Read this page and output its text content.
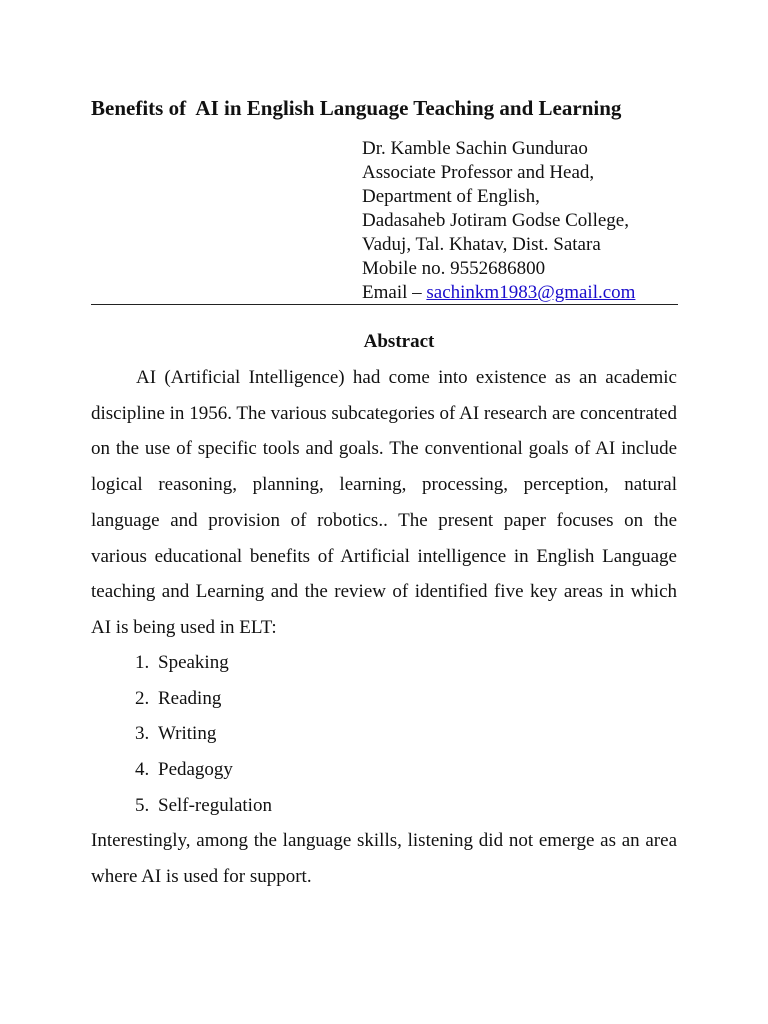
Benefits of  AI in English Language Teaching and Learning
Dr. Kamble Sachin Gundurao
Associate Professor and Head,
Department of English,
Dadasaheb Jotiram Godse College,
Vaduj, Tal. Khatav, Dist. Satara
Mobile no. 9552686800
Email – sachinkm1983@gmail.com
Abstract

AI (Artificial Intelligence) had come into existence as an academic discipline in 1956. The various subcategories of AI research are concentrated on the use of specific tools and goals. The conventional goals of AI include logical reasoning, planning, learning, processing, perception, natural language and provision of robotics.. The present paper focuses on the various educational benefits of Artificial intelligence in English Language teaching and Learning and the review of identified five key areas in which AI is being used in ELT:

1. Speaking
2. Reading
3. Writing
4. Pedagogy
5. Self-regulation

Interestingly, among the language skills, listening did not emerge as an area where AI is used for support.
